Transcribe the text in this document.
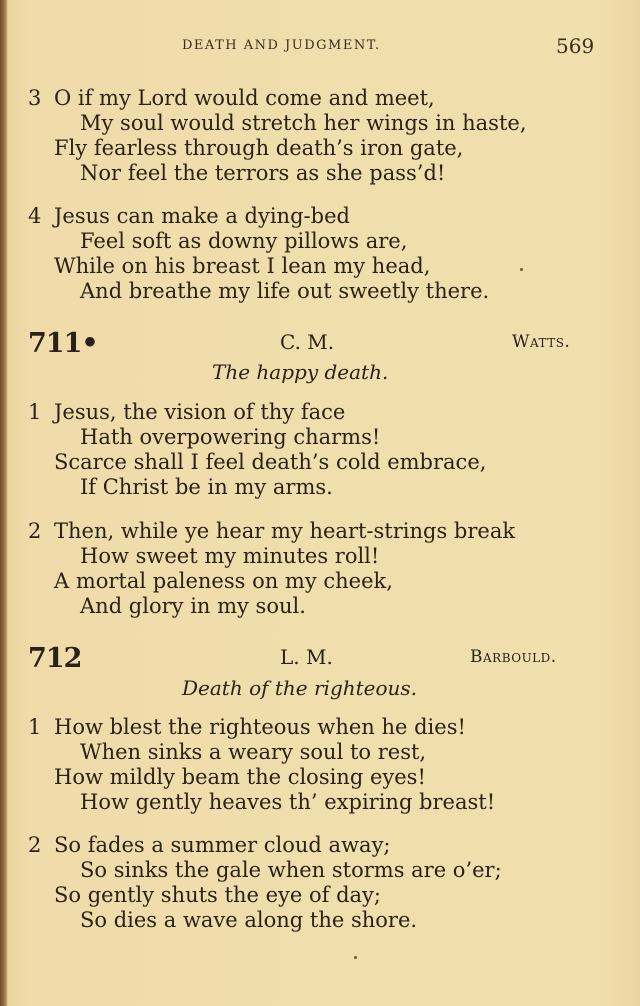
DEATH AND JUDGMENT.	569
3 O if my Lord would come and meet,
My soul would stretch her wings in haste,
Fly fearless through death’s iron gate,
Nor feel the terrors as she pass’d!
4 Jesus can make a dying-bed
Feel soft as downy pillows are,
While on his breast I lean my head,
And breathe my life out sweetly there.
711•	C. M.	Watts.
The happy death.
1 Jesus, the vision of thy face
Hath overpowering charms!
Scarce shall I feel death’s cold embrace,
If Christ be in my arms.
2 Then, while ye hear my heart-strings break
How sweet my minutes roll!
A mortal paleness on my cheek,
And glory in my soul.
712	L. M.	Barbould.
Death of the righteous.
1 How blest the righteous when he dies!
When sinks a weary soul to rest,
How mildly beam the closing eyes!
How gently heaves th’ expiring breast!
2 So fades a summer cloud away;
So sinks the gale when storms are o’er;
So gently shuts the eye of day;
So dies a wave along the shore.
